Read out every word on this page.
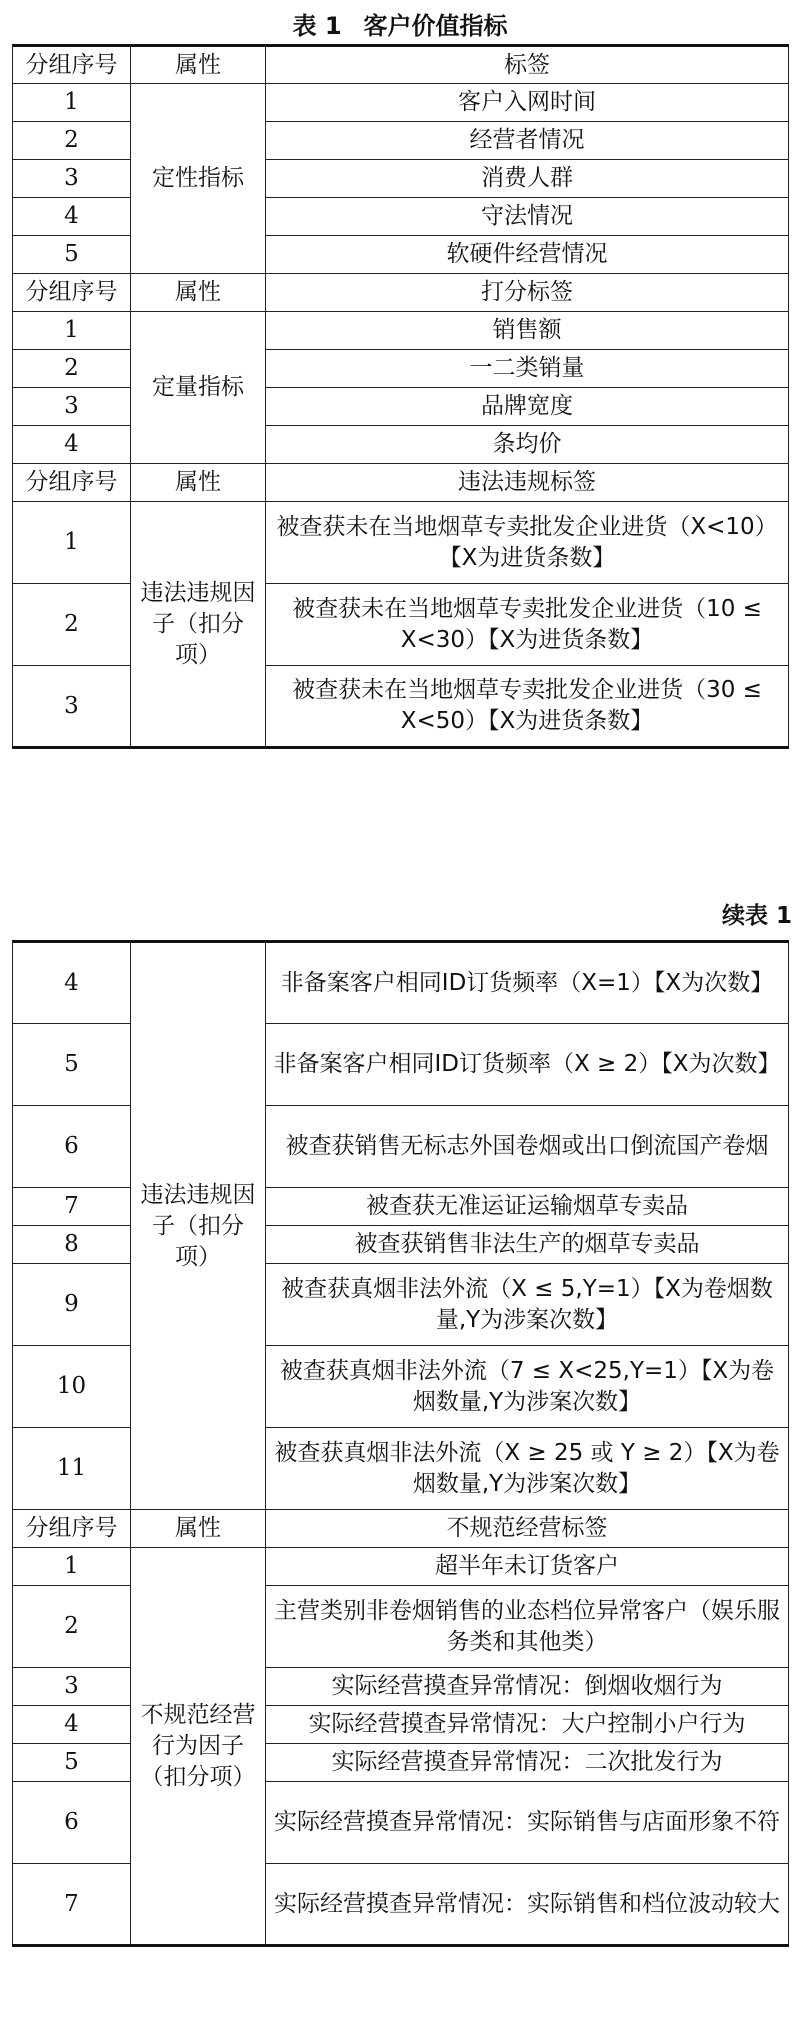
表 1 客户价值指标
分组序号	属性	标签
1	定性指标	客户入网时间
2		经营者情况
3		消费人群
4		守法情况
5		软硬件经营情况
分组序号	属性	打分标签
1	定量指标	销售额
2		一二类销量
3		品牌宽度
4		条均价
分组序号	属性	违法违规标签
1	违法违规因子（扣分项）	被查获未在当地烟草专卖批发企业进货（X<10）【X为进货条数】
2		被查获未在当地烟草专卖批发企业进货（10 ≤ X<30）【X为进货条数】
3		被查获未在当地烟草专卖批发企业进货（30 ≤ X<50）【X为进货条数】
续表 1
4	违法违规因子（扣分项）	非备案客户相同ID订货频率（X=1）【X为次数】
5		非备案客户相同ID订货频率（X ≥ 2）【X为次数】
6		被查获销售无标志外国卷烟或出口倒流国产卷烟
7		被查获无准运证运输烟草专卖品
8		被查获销售非法生产的烟草专卖品
9		被查获真烟非法外流（X ≤ 5,Y=1）【X为卷烟数量,Y为涉案次数】
10		被查获真烟非法外流（7 ≤ X<25,Y=1）【X为卷烟数量,Y为涉案次数】
11		被查获真烟非法外流（X ≥ 25 或 Y ≥ 2）【X为卷烟数量,Y为涉案次数】
分组序号	属性	不规范经营标签
1	不规范经营行为因子（扣分项）	超半年未订货客户
2		主营类别非卷烟销售的业态档位异常客户（娱乐服务类和其他类）
3		实际经营摸查异常情况：倒烟收烟行为
4		实际经营摸查异常情况：大户控制小户行为
5		实际经营摸查异常情况：二次批发行为
6		实际经营摸查异常情况：实际销售与店面形象不符
7		实际经营摸查异常情况：实际销售和档位波动较大
